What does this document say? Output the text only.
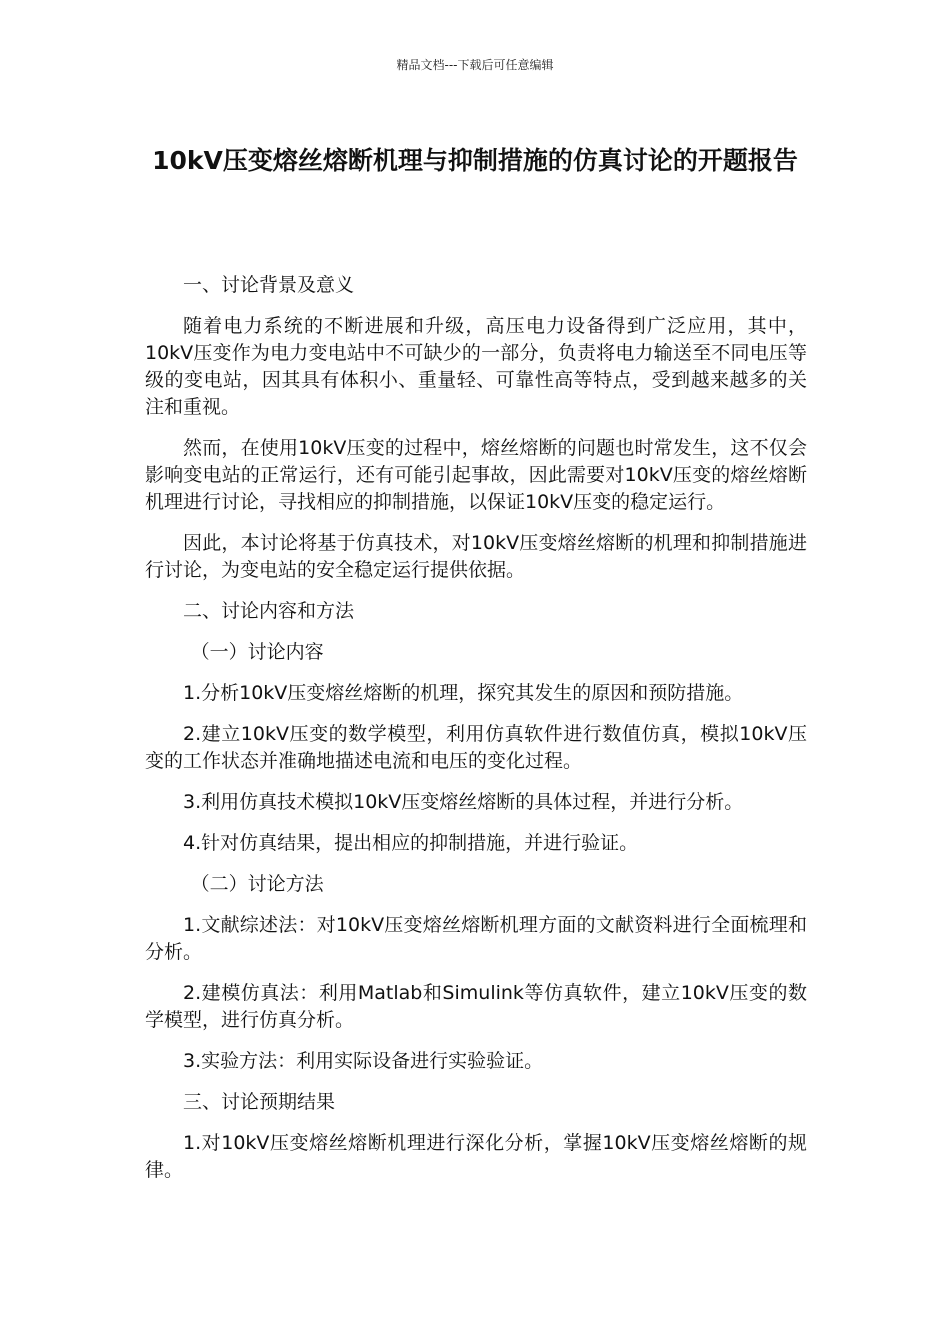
精品文档---下载后可任意编辑
10kV压变熔丝熔断机理与抑制措施的仿真讨论的开题报告
一、讨论背景及意义
随着电力系统的不断进展和升级，高压电力设备得到广泛应用，其中，10kV压变作为电力变电站中不可缺少的一部分，负责将电力输送至不同电压等级的变电站，因其具有体积小、重量轻、可靠性高等特点，受到越来越多的关注和重视。
然而，在使用10kV压变的过程中，熔丝熔断的问题也时常发生，这不仅会影响变电站的正常运行，还有可能引起事故，因此需要对10kV压变的熔丝熔断机理进行讨论，寻找相应的抑制措施，以保证10kV压变的稳定运行。
因此，本讨论将基于仿真技术，对10kV压变熔丝熔断的机理和抑制措施进行讨论，为变电站的安全稳定运行提供依据。
二、讨论内容和方法
（一）讨论内容
1.分析10kV压变熔丝熔断的机理，探究其发生的原因和预防措施。
2.建立10kV压变的数学模型，利用仿真软件进行数值仿真，模拟10kV压变的工作状态并准确地描述电流和电压的变化过程。
3.利用仿真技术模拟10kV压变熔丝熔断的具体过程，并进行分析。
4.针对仿真结果，提出相应的抑制措施，并进行验证。
（二）讨论方法
1.文献综述法：对10kV压变熔丝熔断机理方面的文献资料进行全面梳理和分析。
2.建模仿真法：利用Matlab和Simulink等仿真软件，建立10kV压变的数学模型，进行仿真分析。
3.实验方法：利用实际设备进行实验验证。
三、讨论预期结果
1.对10kV压变熔丝熔断机理进行深化分析，掌握10kV压变熔丝熔断的规律。
